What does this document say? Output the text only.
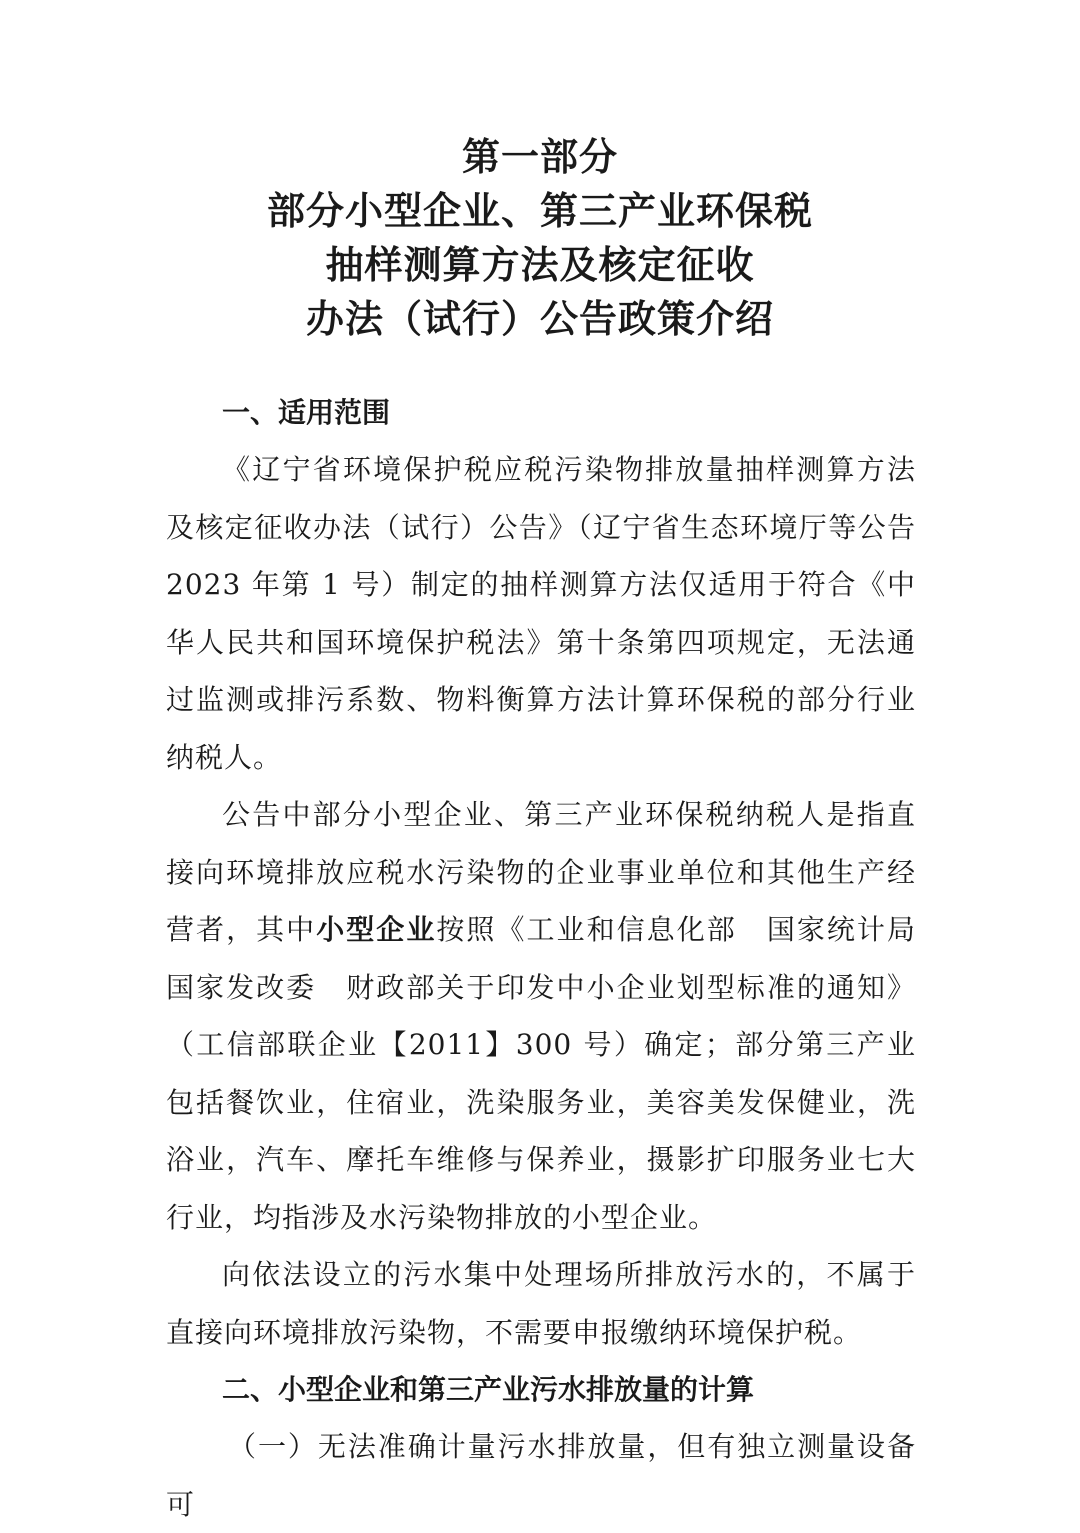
第一部分
部分小型企业、第三产业环保税
抽样测算方法及核定征收
办法（试行）公告政策介绍
一、适用范围

《辽宁省环境保护税应税污染物排放量抽样测算方法及核定征收办法（试行）公告》（辽宁省生态环境厅等公告2023 年第 1 号）制定的抽样测算方法仅适用于符合《中华人民共和国环境保护税法》第十条第四项规定，无法通过监测或排污系数、物料衡算方法计算环保税的部分行业纳税人。

公告中部分小型企业、第三产业环保税纳税人是指直接向环境排放应税水污染物的企业事业单位和其他生产经营者，其中小型企业按照《工业和信息化部　国家统计局　国家发改委　财政部关于印发中小企业划型标准的通知》（工信部联企业【2011】300 号）确定；部分第三产业包括餐饮业，住宿业，洗染服务业，美容美发保健业，洗浴业，汽车、摩托车维修与保养业，摄影扩印服务业七大行业，均指涉及水污染物排放的小型企业。

向依法设立的污水集中处理场所排放污水的，不属于直接向环境排放污染物，不需要申报缴纳环境保护税。

二、小型企业和第三产业污水排放量的计算

（一）无法准确计量污水排放量，但有独立测量设备可
